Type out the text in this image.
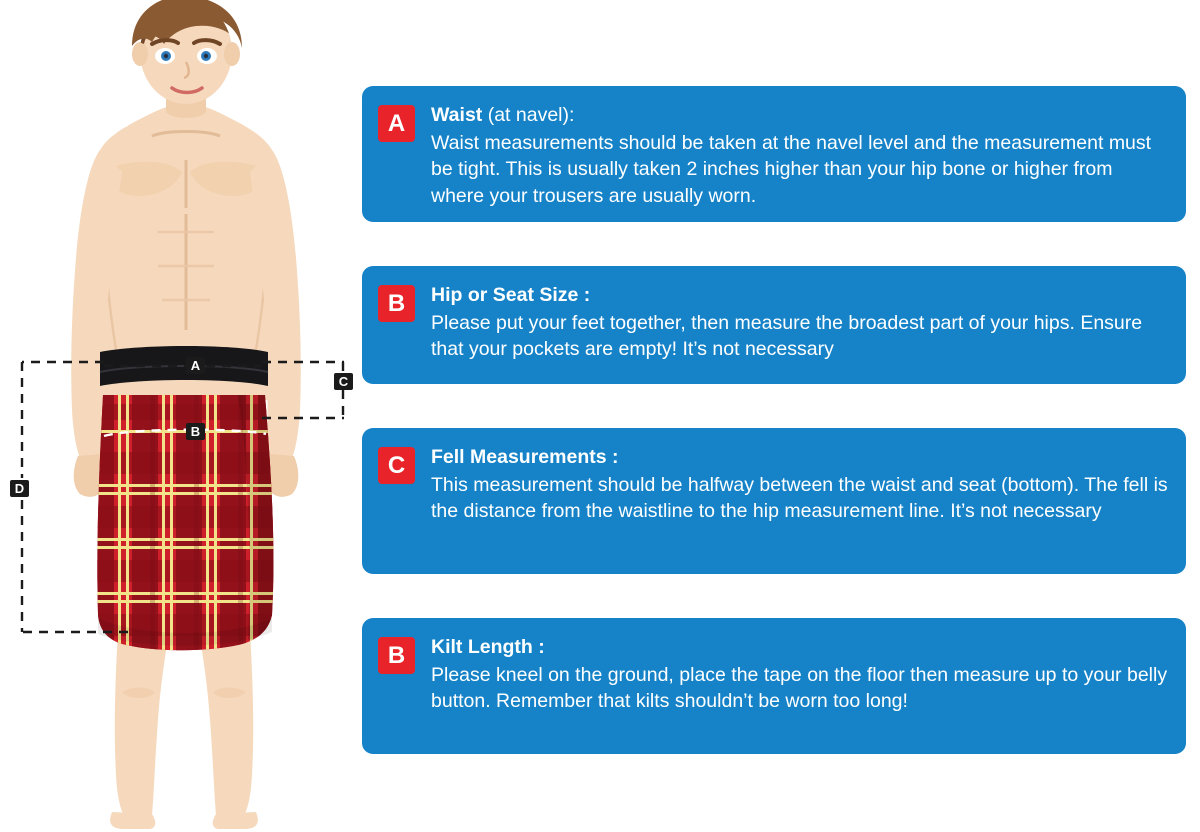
A
B
C
D
A	Waist (at navel):
Waist measurements should be taken at the navel level and the measurement must be tight. This is usually taken 2 inches higher than your hip bone or higher from where your trousers are usually worn.
B	Hip or Seat Size :
Please put your feet together, then measure the broadest part of your hips. Ensure that your pockets are empty! It’s not necessary
C	Fell Measurements :
This measurement should be halfway between the waist and seat (bottom). The fell is the distance from the waistline to the hip measurement line. It’s not necessary
B	Kilt Length :
Please kneel on the ground, place the tape on the floor then measure up to your belly button. Remember that kilts shouldn’t be worn too long!
